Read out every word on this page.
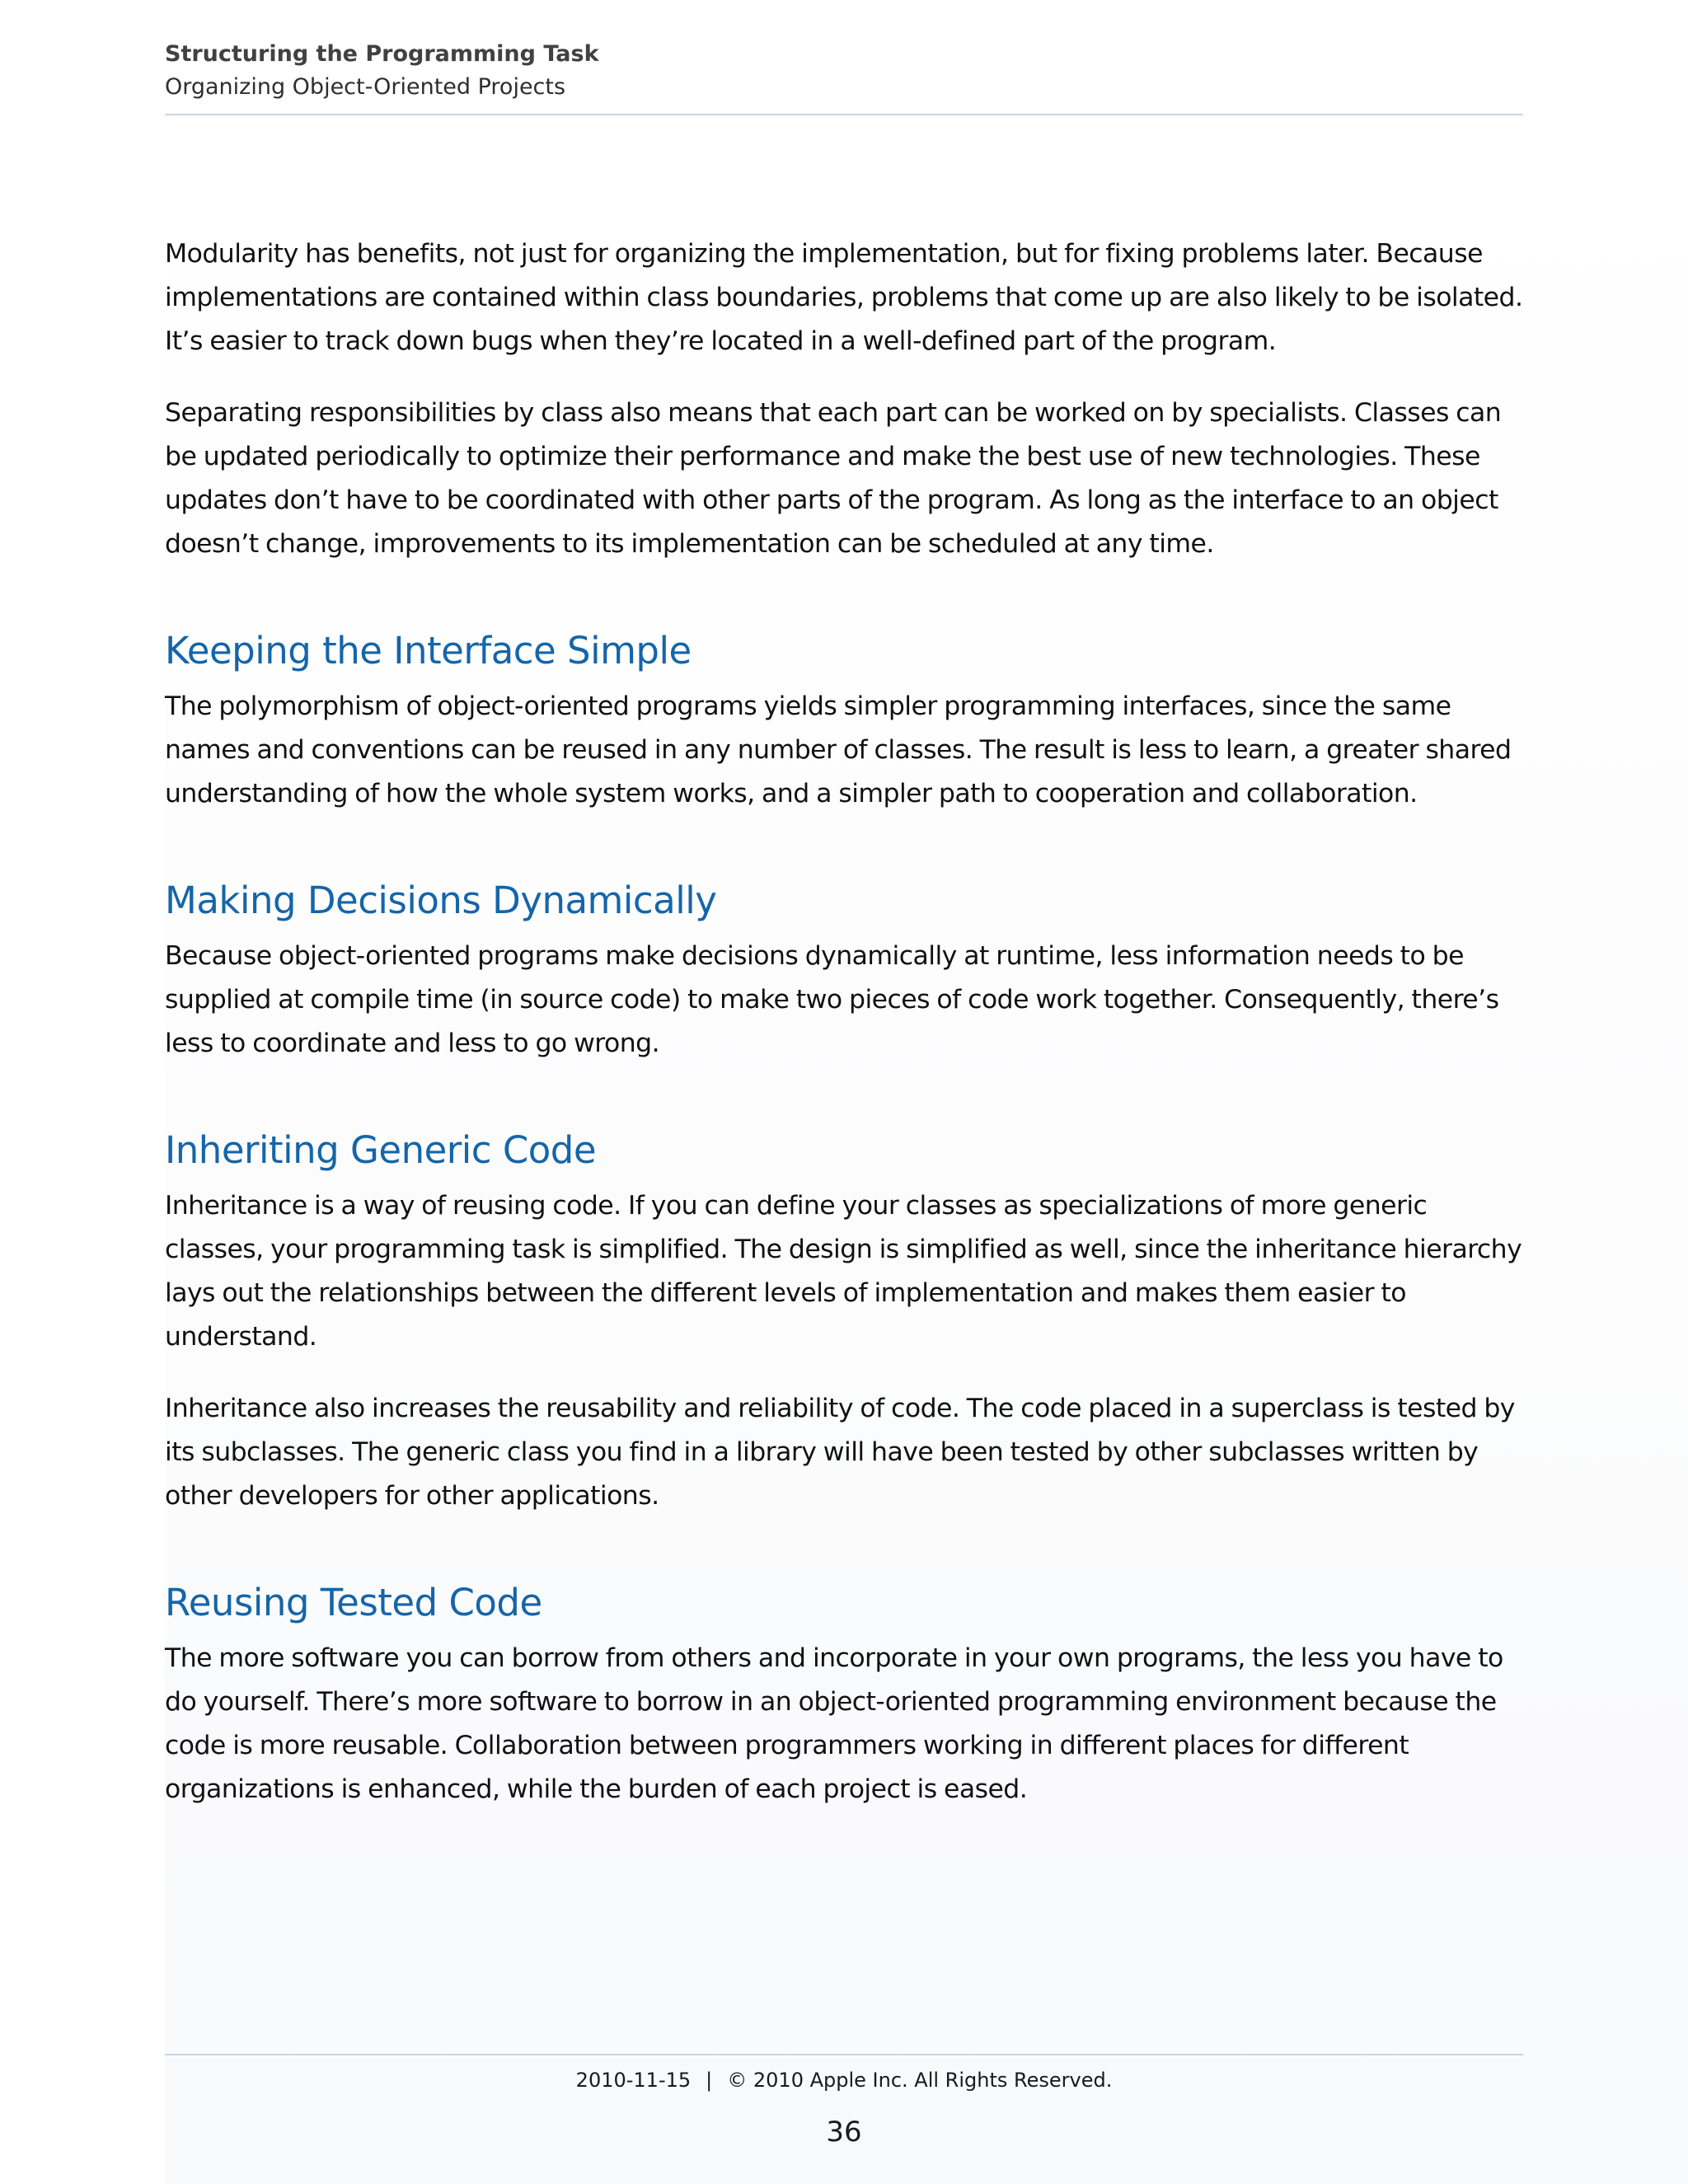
Structuring the Programming Task
Organizing Object-Oriented Projects

Modularity has benefits, not just for organizing the implementation, but for fixing problems later. Because implementations are contained within class boundaries, problems that come up are also likely to be isolated. It’s easier to track down bugs when they’re located in a well-defined part of the program.

Separating responsibilities by class also means that each part can be worked on by specialists. Classes can be updated periodically to optimize their performance and make the best use of new technologies. These updates don’t have to be coordinated with other parts of the program. As long as the interface to an object doesn’t change, improvements to its implementation can be scheduled at any time.

Keeping the Interface Simple

The polymorphism of object-oriented programs yields simpler programming interfaces, since the same names and conventions can be reused in any number of classes. The result is less to learn, a greater shared understanding of how the whole system works, and a simpler path to cooperation and collaboration.

Making Decisions Dynamically

Because object-oriented programs make decisions dynamically at runtime, less information needs to be supplied at compile time (in source code) to make two pieces of code work together. Consequently, there’s less to coordinate and less to go wrong.

Inheriting Generic Code

Inheritance is a way of reusing code. If you can define your classes as specializations of more generic classes, your programming task is simplified. The design is simplified as well, since the inheritance hierarchy lays out the relationships between the different levels of implementation and makes them easier to understand.

Inheritance also increases the reusability and reliability of code. The code placed in a superclass is tested by its subclasses. The generic class you find in a library will have been tested by other subclasses written by other developers for other applications.

Reusing Tested Code

The more software you can borrow from others and incorporate in your own programs, the less you have to do yourself. There’s more software to borrow in an object-oriented programming environment because the code is more reusable. Collaboration between programmers working in different places for different organizations is enhanced, while the burden of each project is eased.

2010-11-15 | © 2010 Apple Inc. All Rights Reserved.
36
